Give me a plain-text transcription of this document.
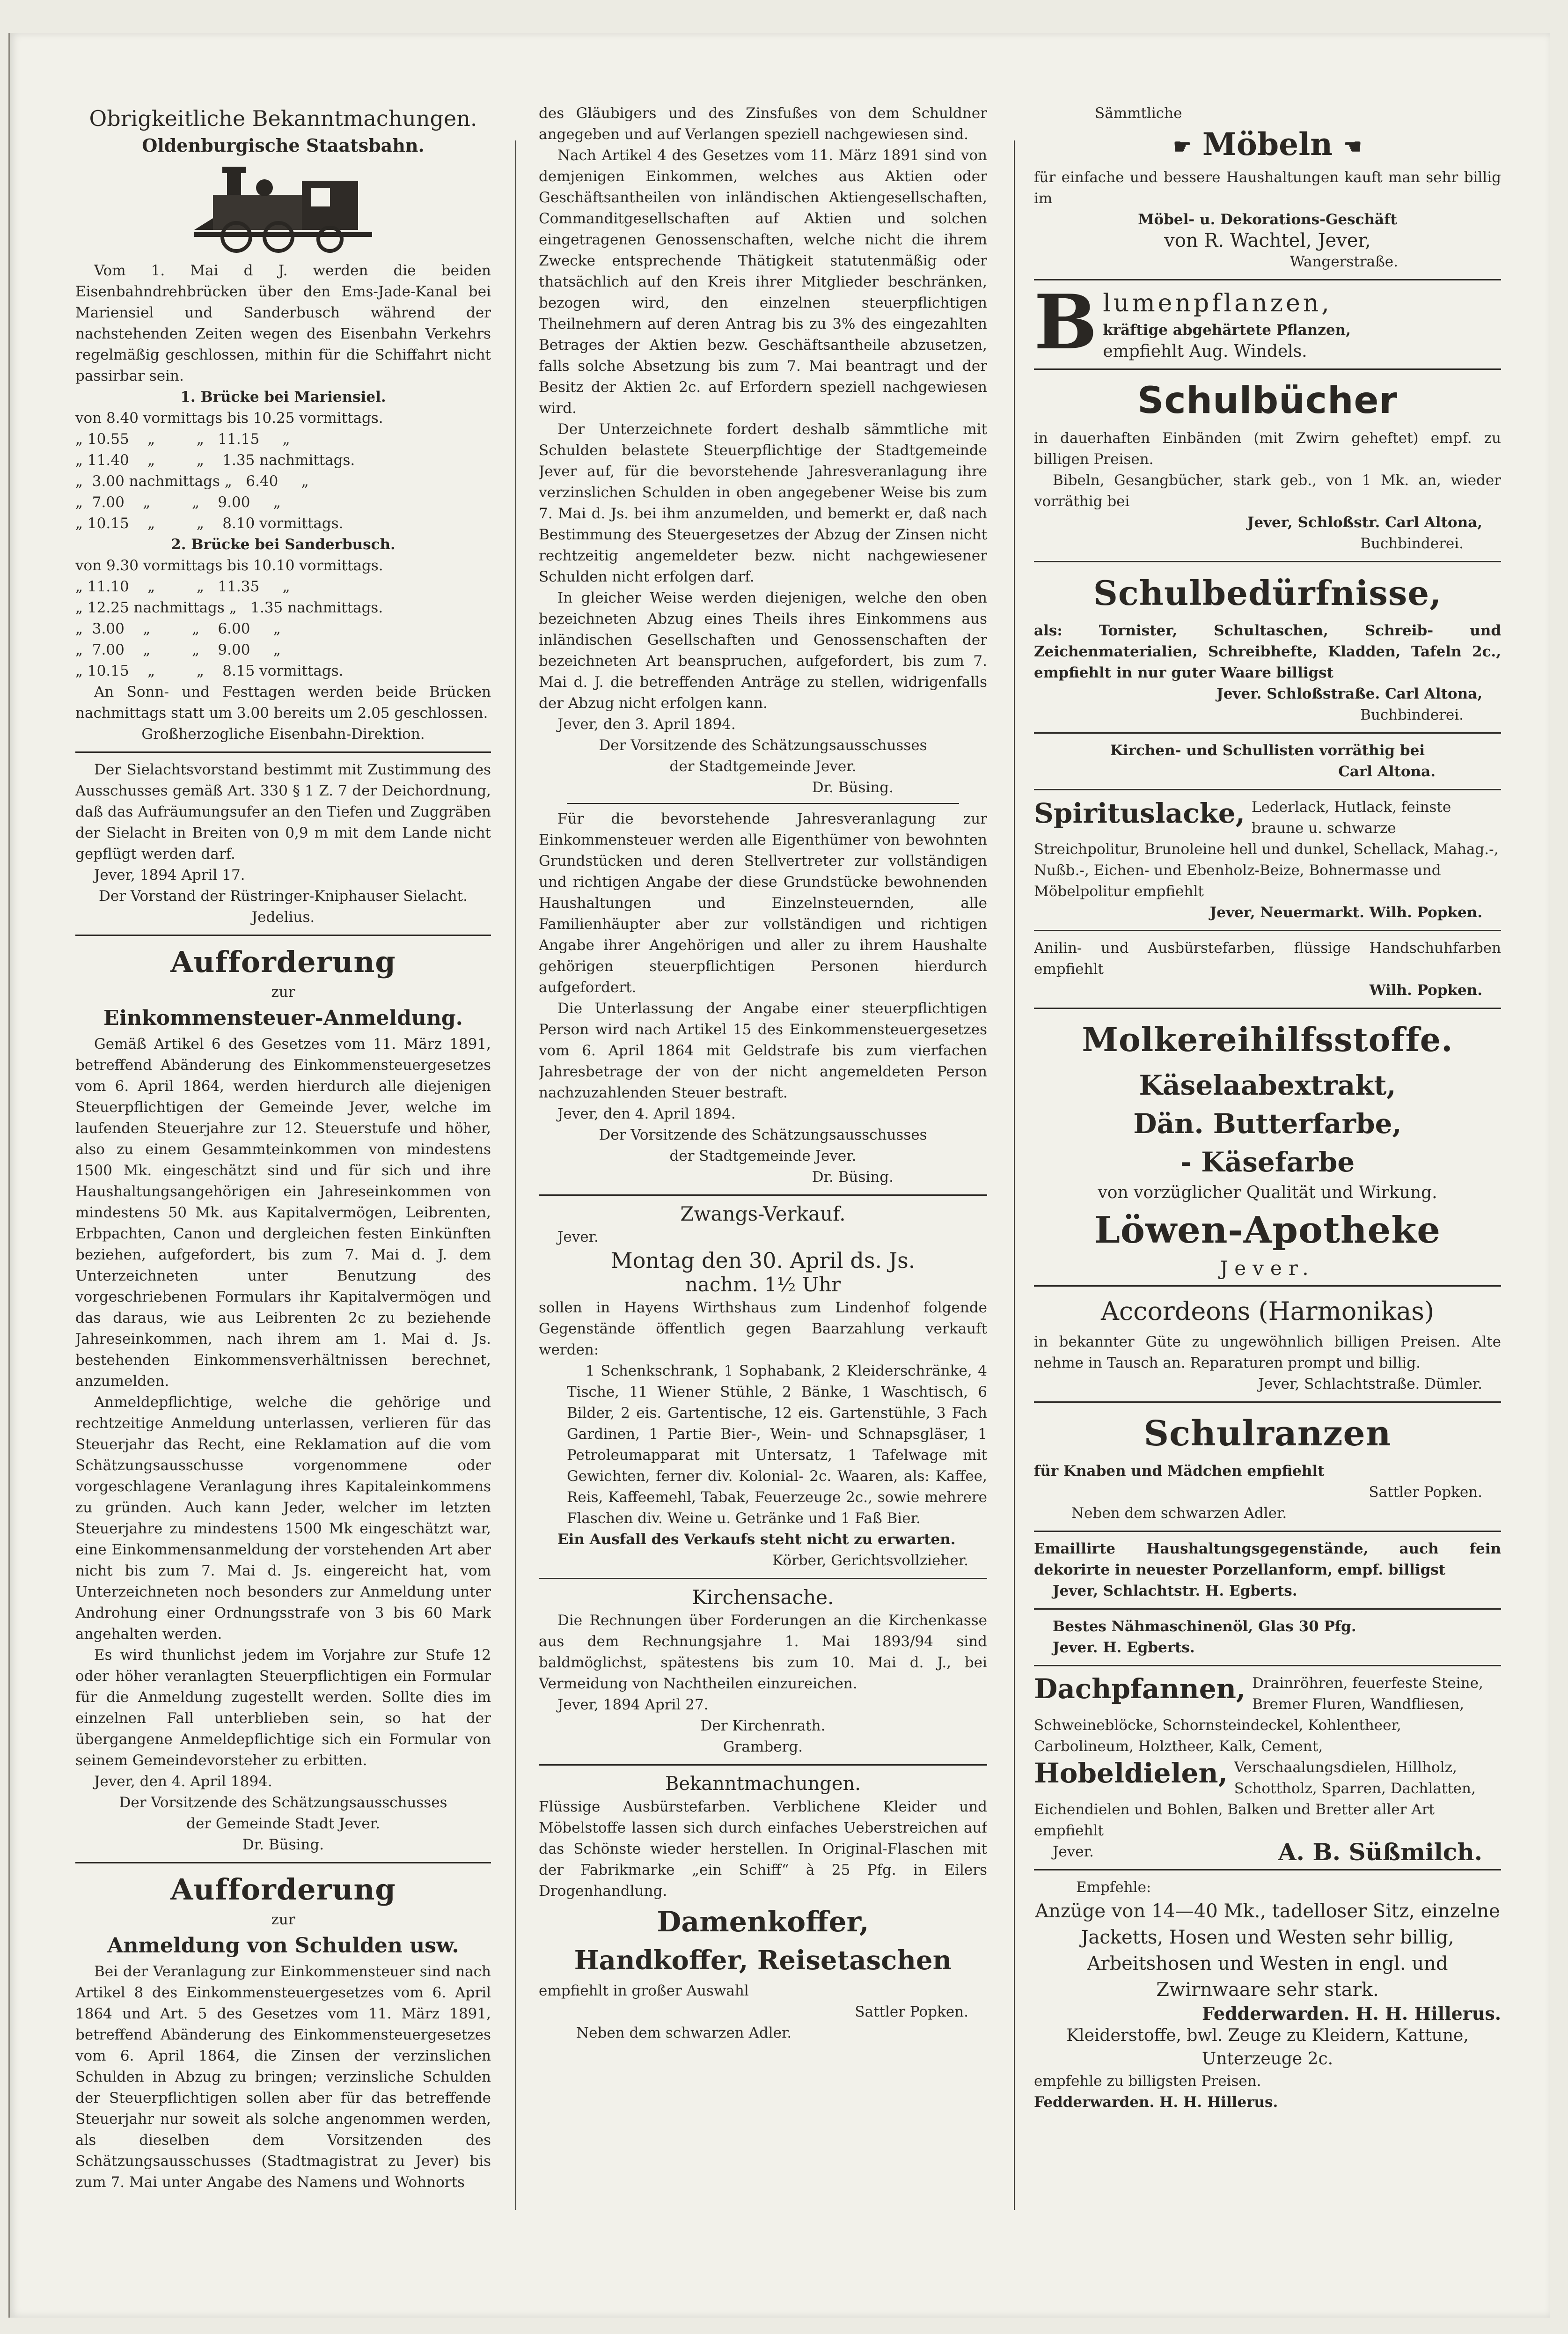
Obrigkeitliche Bekanntmachungen.
Oldenburgische Staatsbahn.

Vom 1. Mai d J. werden die beiden Eisenbahndrehbrücken über den Ems-Jade-Kanal bei Mariensiel und Sanderbusch während der nachstehenden Zeiten wegen des Eisenbahn Verkehrs regelmäßig geschlossen, mithin für die Schiffahrt nicht passirbar sein.

1. Brücke bei Mariensiel.
von 8.40 vormittags bis 10.25 vormittags.
„ 10.55    „         „   11.15     „
„ 11.40    „         „    1.35 nachmittags.
„  3.00 nachmittags „   6.40     „
„  7.00    „         „    9.00     „
„ 10.15    „         „    8.10 vormittags.
2. Brücke bei Sanderbusch.
von 9.30 vormittags bis 10.10 vormittags.
„ 11.10    „         „   11.35     „
„ 12.25 nachmittags „   1.35 nachmittags.
„  3.00    „         „    6.00     „
„  7.00    „         „    9.00     „
„ 10.15    „         „    8.15 vormittags.

An Sonn- und Festtagen werden beide Brücken nachmittags statt um 3.00 bereits um 2.05 geschlossen.

Großherzogliche Eisenbahn-Direktion.

Der Sielachtsvorstand bestimmt mit Zustimmung des Ausschusses gemäß Art. 330 § 1 Z. 7 der Deichordnung, daß das Aufräumungsufer an den Tiefen und Zuggräben der Sielacht in Breiten von 0,9 m mit dem Lande nicht gepflügt werden darf.

Jever, 1894 April 17.
Der Vorstand der Rüstringer-Kniphauser Sielacht.
Jedelius.
Aufforderung
zur
Einkommensteuer-Anmeldung.

Gemäß Artikel 6 des Gesetzes vom 11. März 1891, betreffend Abänderung des Einkommensteuergesetzes vom 6. April 1864, werden hierdurch alle diejenigen Steuerpflichtigen der Gemeinde Jever, welche im laufenden Steuerjahre zur 12. Steuerstufe und höher, also zu einem Gesammteinkommen von mindestens 1500 Mk. eingeschätzt sind und für sich und ihre Haushaltungsangehörigen ein Jahreseinkommen von mindestens 50 Mk. aus Kapitalvermögen, Leibrenten, Erbpachten, Canon und dergleichen festen Einkünften beziehen, aufgefordert, bis zum 7. Mai d. J. dem Unterzeichneten unter Benutzung des vorgeschriebenen Formulars ihr Kapitalvermögen und das daraus, wie aus Leibrenten 2c zu beziehende Jahreseinkommen, nach ihrem am 1. Mai d. Js. bestehenden Einkommensverhältnissen berechnet, anzumelden.

Anmeldepflichtige, welche die gehörige und rechtzeitige Anmeldung unterlassen, verlieren für das Steuerjahr das Recht, eine Reklamation auf die vom Schätzungsausschusse vorgenommene oder vorgeschlagene Veranlagung ihres Kapitaleinkommens zu gründen. Auch kann Jeder, welcher im letzten Steuerjahre zu mindestens 1500 Mk eingeschätzt war, eine Einkommensanmeldung der vorstehenden Art aber nicht bis zum 7. Mai d. Js. eingereicht hat, vom Unterzeichneten noch besonders zur Anmeldung unter Androhung einer Ordnungsstrafe von 3 bis 60 Mark angehalten werden.

Es wird thunlichst jedem im Vorjahre zur Stufe 12 oder höher veranlagten Steuerpflichtigen ein Formular für die Anmeldung zugestellt werden. Sollte dies im einzelnen Fall unterblieben sein, so hat der übergangene Anmeldepflichtige sich ein Formular von seinem Gemeindevorsteher zu erbitten.

Jever, den 4. April 1894.
Der Vorsitzende des Schätzungsausschusses
der Gemeinde Stadt Jever.
Dr. Büsing.
Aufforderung
zur
Anmeldung von Schulden usw.

Bei der Veranlagung zur Einkommensteuer sind nach Artikel 8 des Einkommensteuergesetzes vom 6. April 1864 und Art. 5 des Gesetzes vom 11. März 1891, betreffend Abänderung des Einkommensteuergesetzes vom 6. April 1864, die Zinsen der verzinslichen Schulden in Abzug zu bringen; verzinsliche Schulden der Steuerpflichtigen sollen aber für das betreffende Steuerjahr nur soweit als solche angenommen werden, als dieselben dem Vorsitzenden des Schätzungsausschusses (Stadtmagistrat zu Jever) bis zum 7. Mai unter Angabe des Namens und Wohnorts

des Gläubigers und des Zinsfußes von dem Schuldner angegeben und auf Verlangen speziell nachgewiesen sind.

Nach Artikel 4 des Gesetzes vom 11. März 1891 sind von demjenigen Einkommen, welches aus Aktien oder Geschäftsantheilen von inländischen Aktiengesellschaften, Commanditgesellschaften auf Aktien und solchen eingetragenen Genossenschaften, welche nicht die ihrem Zwecke entsprechende Thätigkeit statutenmäßig oder thatsächlich auf den Kreis ihrer Mitglieder beschränken, bezogen wird, den einzelnen steuerpflichtigen Theilnehmern auf deren Antrag bis zu 3% des eingezahlten Betrages der Aktien bezw. Geschäftsantheile abzusetzen, falls solche Absetzung bis zum 7. Mai beantragt und der Besitz der Aktien 2c. auf Erfordern speziell nachgewiesen wird.

Der Unterzeichnete fordert deshalb sämmtliche mit Schulden belastete Steuerpflichtige der Stadtgemeinde Jever auf, für die bevorstehende Jahresveranlagung ihre verzinslichen Schulden in oben angegebener Weise bis zum 7. Mai d. Js. bei ihm anzumelden, und bemerkt er, daß nach Bestimmung des Steuergesetzes der Abzug der Zinsen nicht rechtzeitig angemeldeter bezw. nicht nachgewiesener Schulden nicht erfolgen darf.

In gleicher Weise werden diejenigen, welche den oben bezeichneten Abzug eines Theils ihres Einkommens aus inländischen Gesellschaften und Genossenschaften der bezeichneten Art beanspruchen, aufgefordert, bis zum 7. Mai d. J. die betreffenden Anträge zu stellen, widrigenfalls der Abzug nicht erfolgen kann.

Jever, den 3. April 1894.
Der Vorsitzende des Schätzungsausschusses
der Stadtgemeinde Jever.
Dr. Büsing.

Für die bevorstehende Jahresveranlagung zur Einkommensteuer werden alle Eigenthümer von bewohnten Grundstücken und deren Stellvertreter zur vollständigen und richtigen Angabe der diese Grundstücke bewohnenden Haushaltungen und Einzelnsteuernden, alle Familienhäupter aber zur vollständigen und richtigen Angabe ihrer Angehörigen und aller zu ihrem Haushalte gehörigen steuerpflichtigen Personen hierdurch aufgefordert.

Die Unterlassung der Angabe einer steuerpflichtigen Person wird nach Artikel 15 des Einkommensteuergesetzes vom 6. April 1864 mit Geldstrafe bis zum vierfachen Jahresbetrage der von der nicht angemeldeten Person nachzuzahlenden Steuer bestraft.

Jever, den 4. April 1894.
Der Vorsitzende des Schätzungsausschusses
der Stadtgemeinde Jever.
Dr. Büsing.
Zwangs-Verkauf.
Jever.
Montag den 30. April ds. Js.
nachm. 1½ Uhr

sollen in Hayens Wirthshaus zum Lindenhof folgende Gegenstände öffentlich gegen Baarzahlung verkauft werden:

1 Schenkschrank, 1 Sophabank, 2 Kleiderschränke, 4 Tische, 11 Wiener Stühle, 2 Bänke, 1 Waschtisch, 6 Bilder, 2 eis. Gartentische, 12 eis. Gartenstühle, 3 Fach Gardinen, 1 Partie Bier-, Wein- und Schnapsgläser, 1 Petroleumapparat mit Untersatz, 1 Tafelwage mit Gewichten, ferner div. Kolonial- 2c. Waaren, als: Kaffee, Reis, Kaffeemehl, Tabak, Feuerzeuge 2c., sowie mehrere Flaschen div. Weine u. Getränke und 1 Faß Bier.

Ein Ausfall des Verkaufs steht nicht zu erwarten.

Körber, Gerichtsvollzieher.
Kirchensache.

Die Rechnungen über Forderungen an die Kirchenkasse aus dem Rechnungsjahre 1. Mai 1893/94 sind baldmöglichst, spätestens bis zum 10. Mai d. J., bei Vermeidung von Nachtheilen einzureichen.

Jever, 1894 April 27.
Der Kirchenrath.
Gramberg.
Bekanntmachungen.

Flüssige Ausbürstefarben. Verblichene Kleider und Möbelstoffe lassen sich durch einfaches Ueberstreichen auf das Schönste wieder herstellen. In Original-Flaschen mit der Fabrikmarke „ein Schiff“ à 25 Pfg. in Eilers Drogenhandlung.

Damenkoffer,
Handkoffer, Reisetaschen
empfiehlt in großer Auswahl
Sattler Popken.
Neben dem schwarzen Adler.
Sämmtliche
☛ Möbeln ☚

für einfache und bessere Haushaltungen kauft man sehr billig im

Möbel- u. Dekorations-Geschäft
von R. Wachtel, Jever,
Wangerstraße.
B lumenpflanzen,
kräftige abgehärtete Pflanzen,
empfiehlt Aug. Windels.
Schulbücher

in dauerhaften Einbänden (mit Zwirn geheftet) empf. zu billigen Preisen.

Bibeln, Gesangbücher, stark geb., von 1 Mk. an, wieder vorräthig bei

Jever, Schloßstr. Carl Altona,
Buchbinderei.
Schulbedürfnisse,

als: Tornister, Schultaschen, Schreib- und Zeichenmaterialien, Schreibhefte, Kladden, Tafeln 2c., empfiehlt in nur guter Waare billigst

Jever. Schloßstraße. Carl Altona,
Buchbinderei.
Kirchen- und Schullisten vorräthig bei
Carl Altona.
Spirituslacke, Lederlack, Hutlack, feinste braune u. schwarze Streichpolitur, Brunoleine hell und dunkel, Schellack, Mahag.-, Nußb.-, Eichen- und Ebenholz-Beize, Bohnermasse und Möbelpolitur empfiehlt
Jever, Neuermarkt. Wilh. Popken.

Anilin- und Ausbürstefarben, flüssige Handschuhfarben empfiehlt

Wilh. Popken.
Molkereihilfsstoffe.
Käselaabextrakt,
Dän. Butterfarbe,
- Käsefarbe
von vorzüglicher Qualität und Wirkung.
Löwen-Apotheke
Jever.
Accordeons (Harmonikas)

in bekannter Güte zu ungewöhnlich billigen Preisen. Alte nehme in Tausch an. Reparaturen prompt und billig.

Jever, Schlachtstraße. Dümler.
Schulranzen
für Knaben und Mädchen empfiehlt
Sattler Popken.
Neben dem schwarzen Adler.

Emaillirte Haushaltungsgegenstände, auch fein dekorirte in neuester Porzellanform, empf. billigst

Jever, Schlachtstr. H. Egberts.
Bestes Nähmaschinenöl, Glas 30 Pfg.
Jever. H. Egberts.
Dachpfannen, Drainröhren, feuerfeste Steine, Bremer Fluren, Wandfliesen, Schweineblöcke, Schornsteindeckel, Kohlentheer, Carbolineum, Holztheer, Kalk, Cement,
Hobeldielen, Verschaalungsdielen, Hillholz, Schottholz, Sparren, Dachlatten, Eichendielen und Bohlen, Balken und Bretter aller Art empfiehlt
Jever.	A. B. Süßmilch.
Empfehle:

Anzüge von 14—40 Mk., tadelloser Sitz, einzelne Jacketts, Hosen und Westen sehr billig, Arbeitshosen und Westen in engl. und Zwirnwaare sehr stark.

Fedderwarden. H. H. Hillerus.

Kleiderstoffe, bwl. Zeuge zu Kleidern, Kattune, Unterzeuge 2c.

empfehle zu billigsten Preisen.
Fedderwarden. H. H. Hillerus.
